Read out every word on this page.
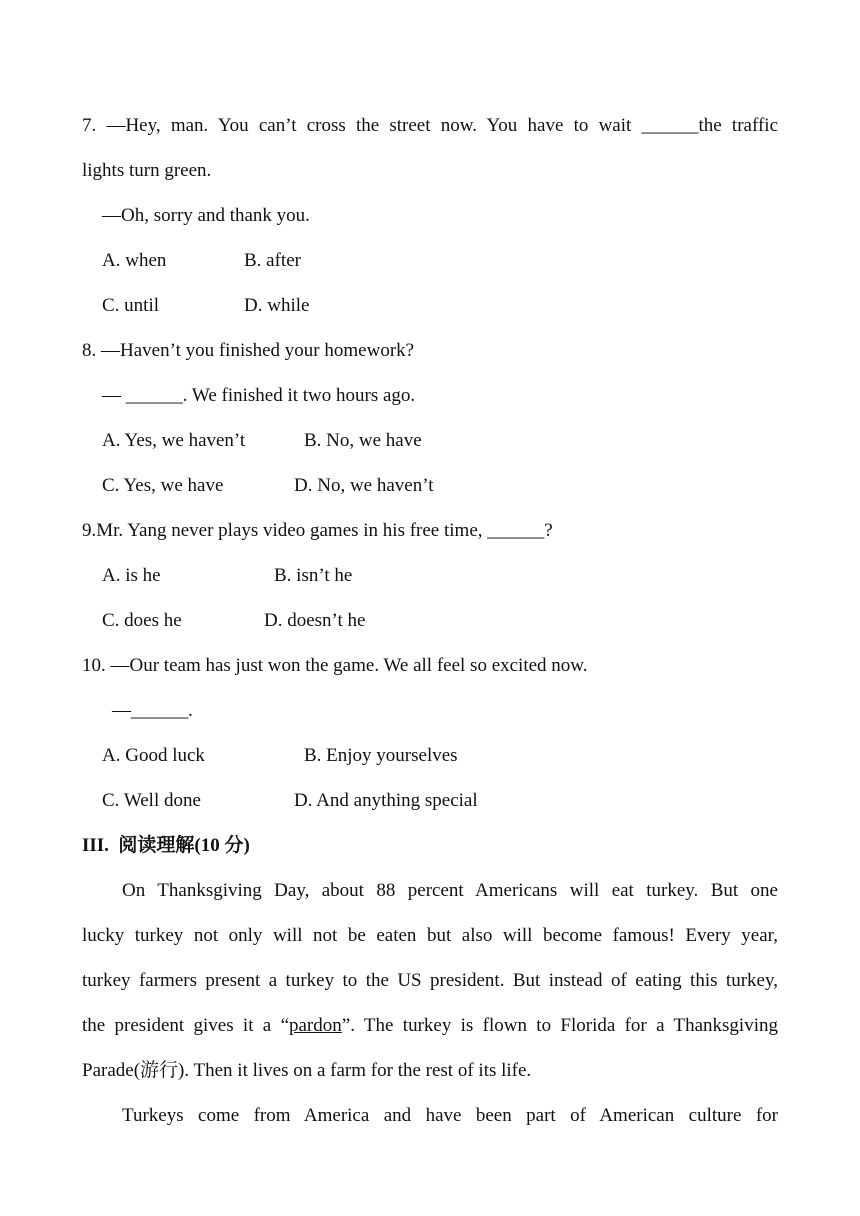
7. —Hey, man. You can’t cross the street now. You have to wait ______the traffic
lights turn green.
—Oh, sorry and thank you.
A. when	B. after
C. until	D. while
8. —Haven’t you finished your homework?
— ______. We finished it two hours ago.
A. Yes, we haven’t	B. No, we have
C. Yes, we have	D. No, we haven’t
9.Mr. Yang never plays video games in his free time, ______?
A. is he	B. isn’t he
C. does he	D. doesn’t he
10. —Our team has just won the game. We all feel so excited now.
—______.
A. Good luck	B. Enjoy yourselves
C. Well done	D. And anything special
III.  阅读理解(10 分)
On Thanksgiving Day, about 88 percent Americans will eat turkey. But one
lucky turkey not only will not be eaten but also will become famous! Every year,
turkey farmers present a turkey to the US president. But instead of eating this turkey,
the president gives it a “pardon”. The turkey is flown to Florida for a Thanksgiving
Parade(游行). Then it lives on a farm for the rest of its life.
Turkeys come from America and have been part of American culture for
